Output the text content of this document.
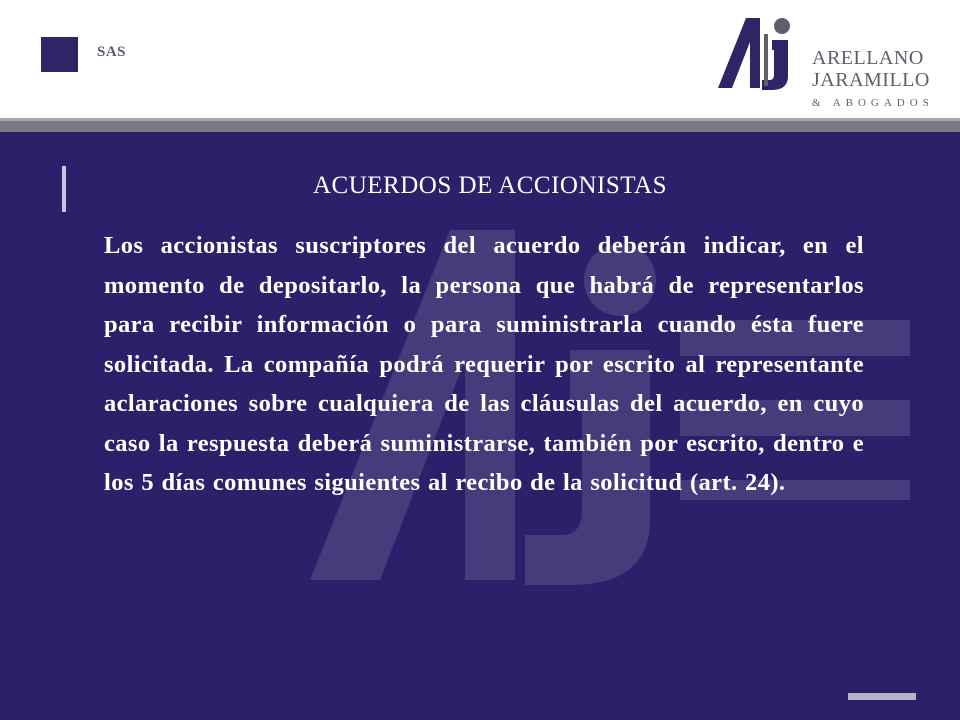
SAS	ARELLANO
JARAMILLO
& ABOGADOS
ACUERDOS DE ACCIONISTAS
Los accionistas suscriptores del acuerdo deberán indicar, en el momento de depositarlo, la persona que habrá de representarlos para recibir información o para suministrarla cuando ésta fuere solicitada. La compañía podrá requerir por escrito al representante aclaraciones sobre cualquiera de las cláusulas del acuerdo, en cuyo caso la respuesta deberá suministrarse, también por escrito, dentro e los 5 días comunes siguientes al recibo de la solicitud (art. 24).
